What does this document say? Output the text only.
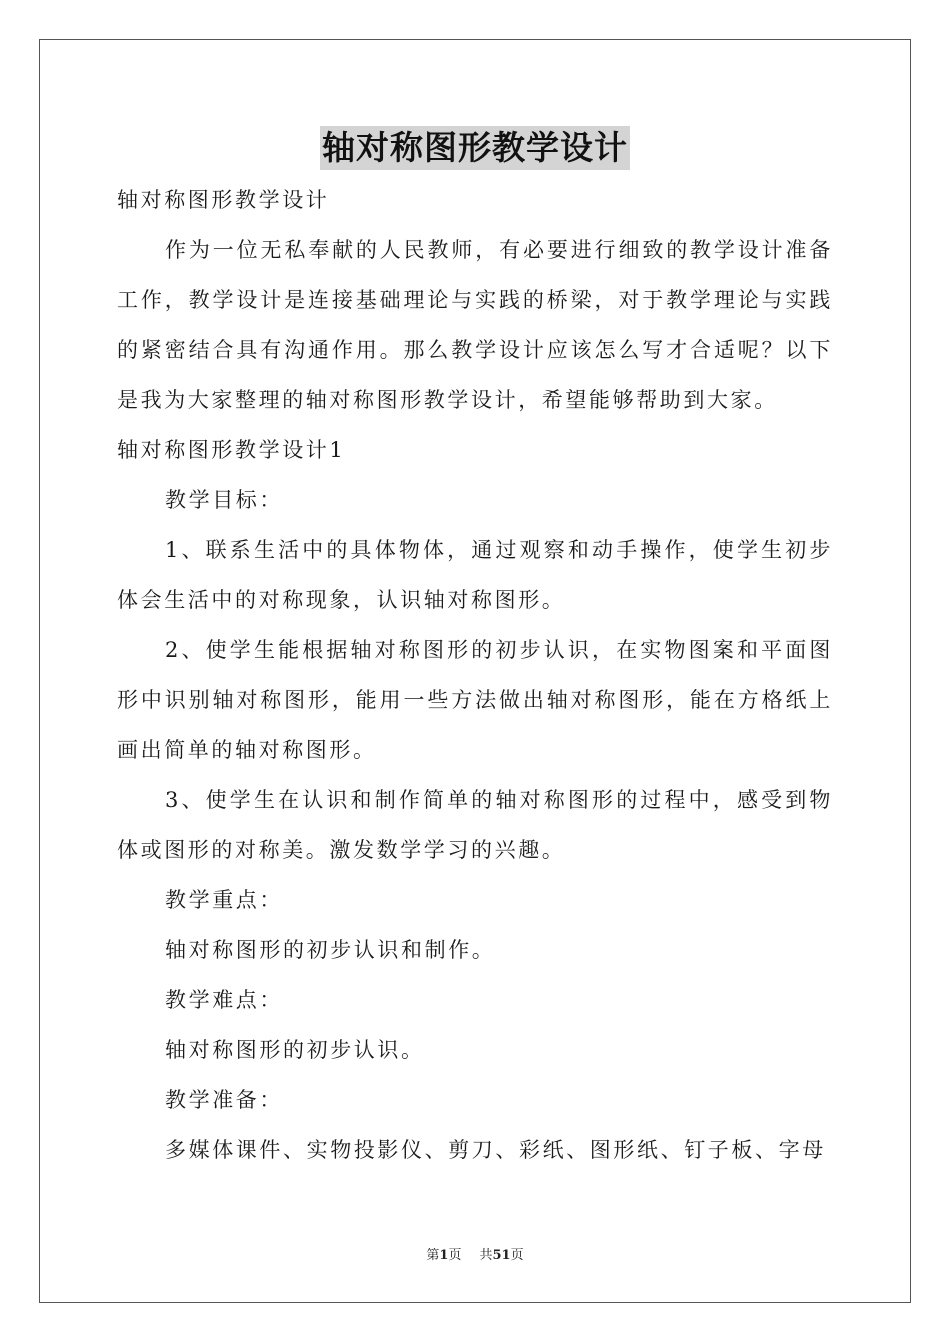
轴对称图形教学设计

轴对称图形教学设计

作为一位无私奉献的人民教师，有必要进行细致的教学设计准备工作，教学设计是连接基础理论与实践的桥梁，对于教学理论与实践的紧密结合具有沟通作用。那么教学设计应该怎么写才合适呢？以下是我为大家整理的轴对称图形教学设计，希望能够帮助到大家。

轴对称图形教学设计1

教学目标：

1、联系生活中的具体物体，通过观察和动手操作，使学生初步体会生活中的对称现象，认识轴对称图形。

2、使学生能根据轴对称图形的初步认识，在实物图案和平面图形中识别轴对称图形，能用一些方法做出轴对称图形，能在方格纸上画出简单的轴对称图形。

3、使学生在认识和制作简单的轴对称图形的过程中，感受到物体或图形的对称美。激发数学学习的兴趣。

教学重点：

轴对称图形的初步认识和制作。

教学难点：

轴对称图形的初步认识。

教学准备：

多媒体课件、实物投影仪、剪刀、彩纸、图形纸、钉子板、字母

第1页 共51页
